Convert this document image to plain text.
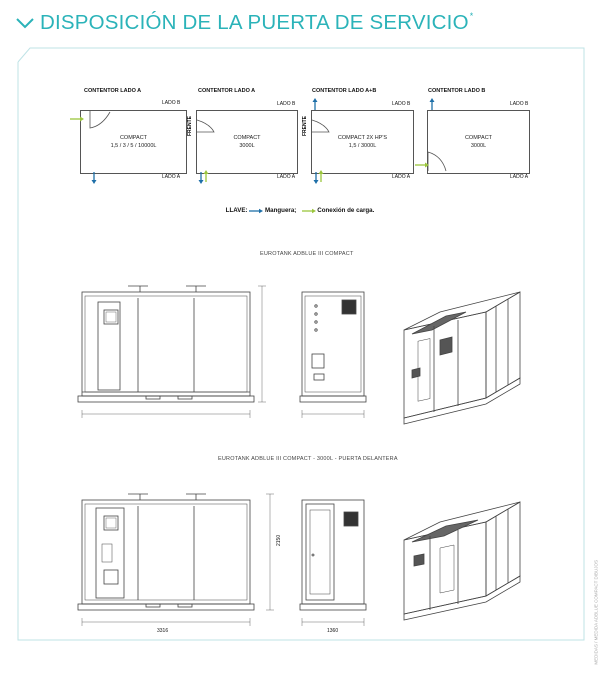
DISPOSICIÓN DE LA PUERTA DE SERVICIO*
CONTENTOR LADO A
COMPACT
1,5 / 3 / 5 / 10000L
LADO B
LADO A
CONTENTOR LADO A
COMPACT
3000L
LADO B
LADO A
FRENTE
CONTENTOR LADO A+B
COMPACT 2X HP'S
1,5 / 3000L
LADO B
LADO A
FRENTE
CONTENTOR LADO B
COMPACT
3000L
LADO B
LADO A
LLAVE:	Manguera;	Conexión de carga.
EUROTANK ADBLUE III COMPACT
EUROTANK ADBLUE III COMPACT - 3000L - PUERTA DELANTERA
3316
2150
1360	MEDIDAS / MEDIDA ADBLUE COMPACT DIBUJOS
